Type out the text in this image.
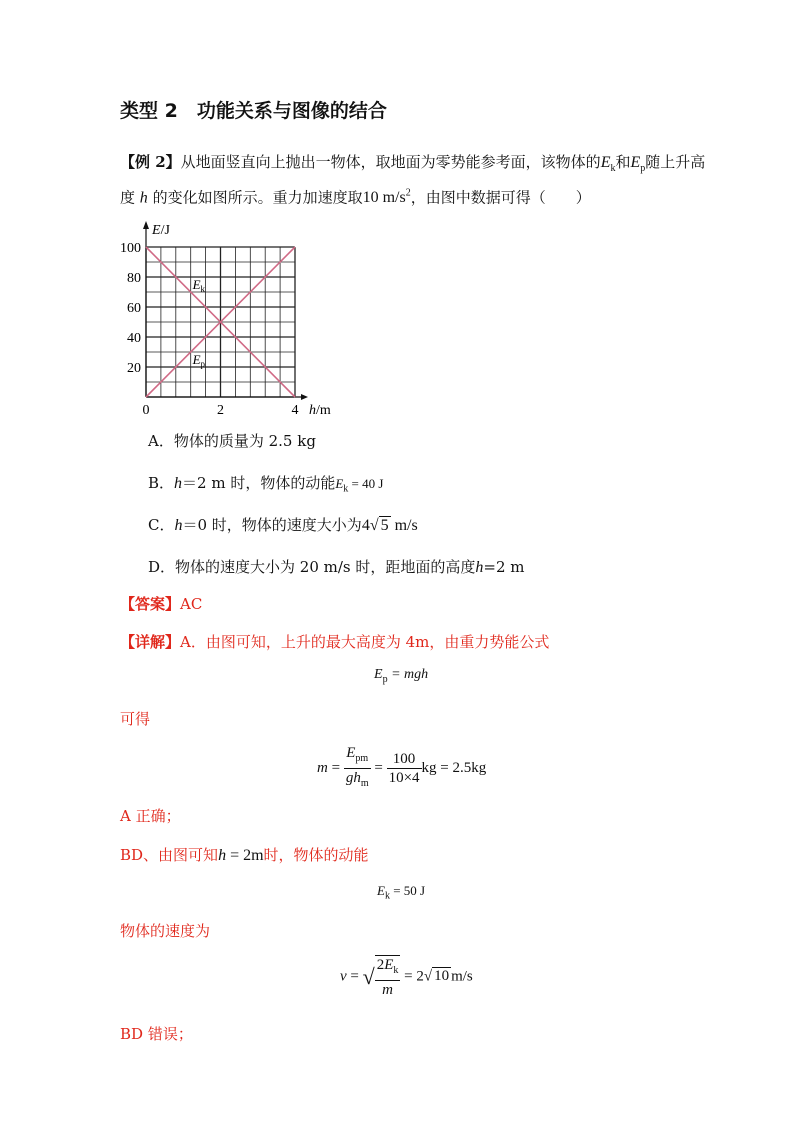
类型 2　功能关系与图像的结合
【例 2】从地面竖直向上抛出一物体，取地面为零势能参考面，该物体的$E_k$和$E_p$随上升高
度 h 的变化如图所示。重力加速度取10 $m/s^2$，由图中数据可得（　　）
E/J
h/m
20
40
60
80
100
0	2	4
$E_k$
$E_p$
A．物体的质量为 2.5 kg
B．h＝2 m 时，物体的动能$E_k = 40$ J
C．h＝0 时，物体的速度大小为4√ 5 m/s
D．物体的速度大小为 20 m/s 时，距地面的高度h=2 m
【答案】AC
【详解】A．由图可知，上升的最大高度为 4m，由重力势能公式
$E_p$ = mgh
可得
$m = \frac{E_{pm}}{gh_m} = \frac{100}{10\times 4}$ kg = 2.5kg
A 正确；
BD、由图可知h = 2m时，物体的动能
$E_k = 50$ J
物体的速度为
v = √ $\frac{2E_k}{m} = 2√$ 10 m/s
BD 错误；
